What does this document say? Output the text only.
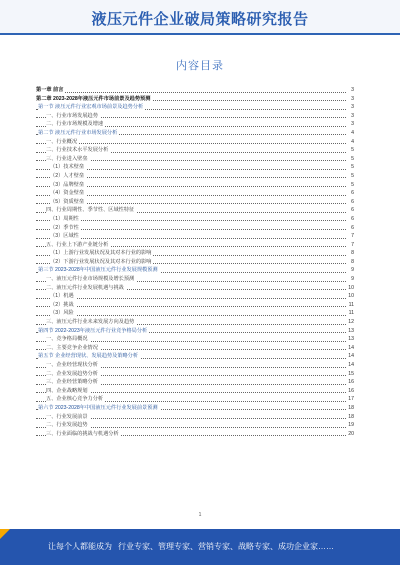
液压元件企业破局策略研究报告
内容目录
第一章 前言	3
第二章 2023-2028年液压元件市场前景及趋势预测	3
第一节 液压元件行业宏观市场前景及趋势分析	3
一、行业市场发展趋势	3
二、行业市场规模及增速	3
第二节 液压元件行业市场发展分析	4
一、行业概况	4
二、行业技术水平发展分析	5
三、行业进入壁垒	5
（1）技术壁垒	5
（2）人才壁垒	5
（3）品牌壁垒	5
（4）资金壁垒	6
（5）资质壁垒	6
四、行业周期性、季节性、区域性特征	6
（1）周期性	6
（2）季节性	6
（3）区域性	7
五、行业上下游产业链分析	7
（1）上游行业发展状况及其对本行业的影响	8
（2）下游行业发展状况及其对本行业的影响	8
第三节 2023-2028年中国液压元件行业发展规模预测	9
一、液压元件行业市场规模及增长预测	9
二、液压元件行业发展机遇与挑战	10
（1）机遇	10
（2）挑战	11
（3）风险	11
三、液压元件行业未来发展方向及趋势	12
第四节 2022-2023年液压元件行业竞争格局分析	13
一、竞争格局概况	13
二、主要竞争企业情况	14
第五节 企业经营现状、发展趋势及策略分析	14
一、企业经营现状分析	14
二、企业发展趋势分析	15
三、企业经营策略分析	16
四、企业战略规划	16
五、企业核心竞争力分析	17
第六节 2023-2028年中国液压元件行业发展前景预测	18
一、行业发展前景	18
二、行业发展趋势	19
三、行业面临的挑战与机遇分析	20
1
让每个人都能成为 行业专家、管理专家、营销专家、战略专家、成功企业家……
